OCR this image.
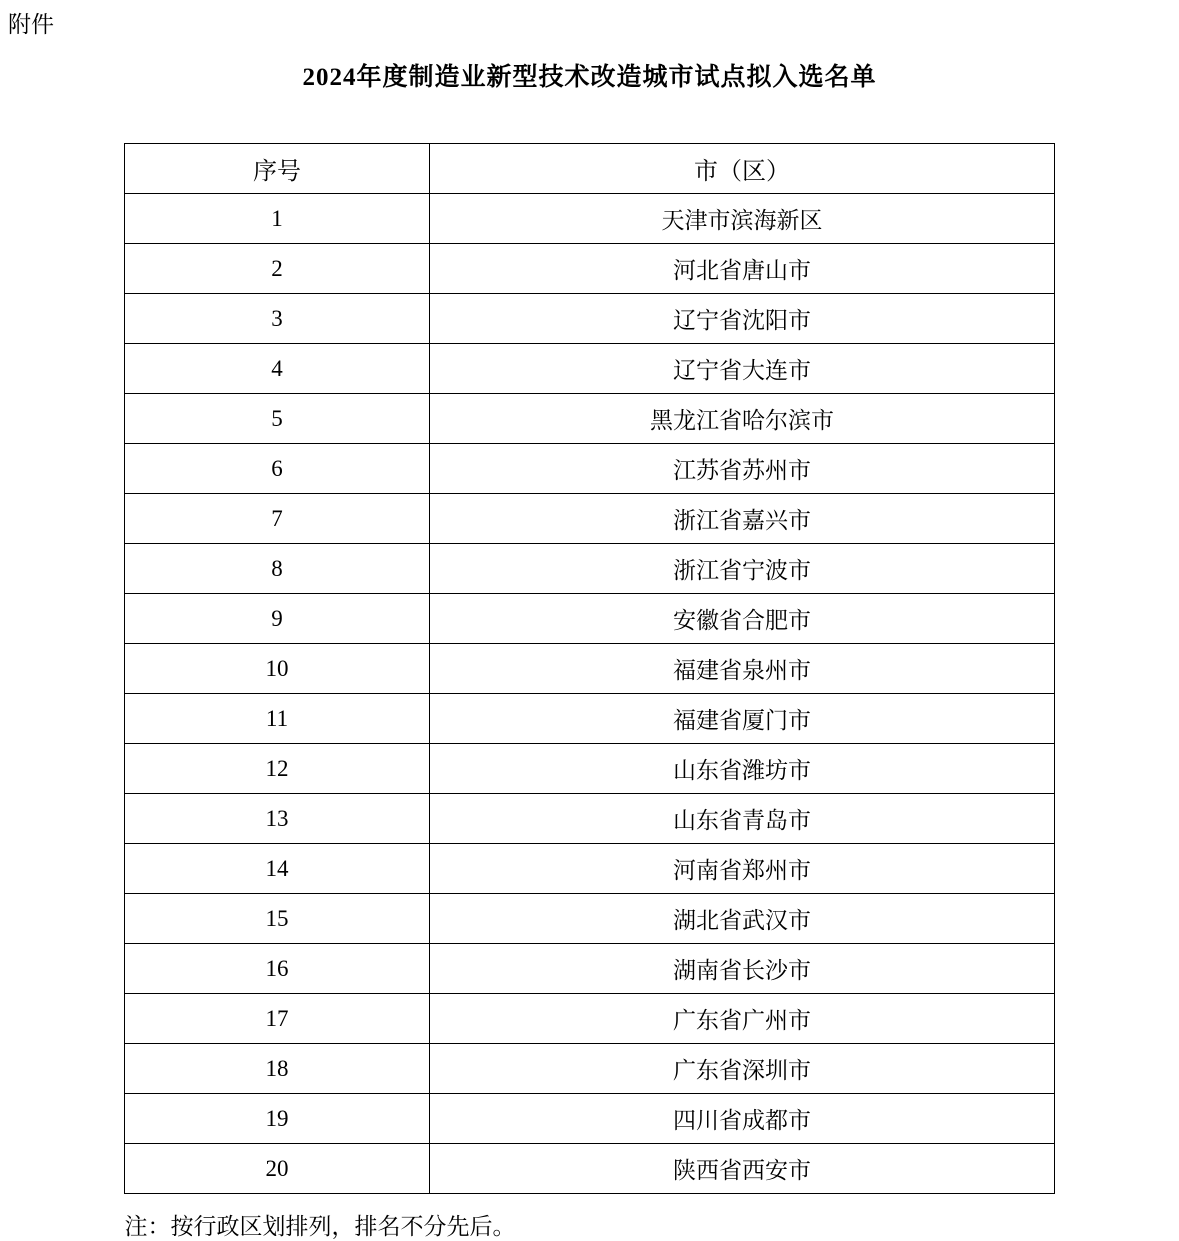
附件
2024年度制造业新型技术改造城市试点拟入选名单
序号	市（区）
1	天津市滨海新区
2	河北省唐山市
3	辽宁省沈阳市
4	辽宁省大连市
5	黑龙江省哈尔滨市
6	江苏省苏州市
7	浙江省嘉兴市
8	浙江省宁波市
9	安徽省合肥市
10	福建省泉州市
11	福建省厦门市
12	山东省潍坊市
13	山东省青岛市
14	河南省郑州市
15	湖北省武汉市
16	湖南省长沙市
17	广东省广州市
18	广东省深圳市
19	四川省成都市
20	陕西省西安市
注：按行政区划排列，排名不分先后。
